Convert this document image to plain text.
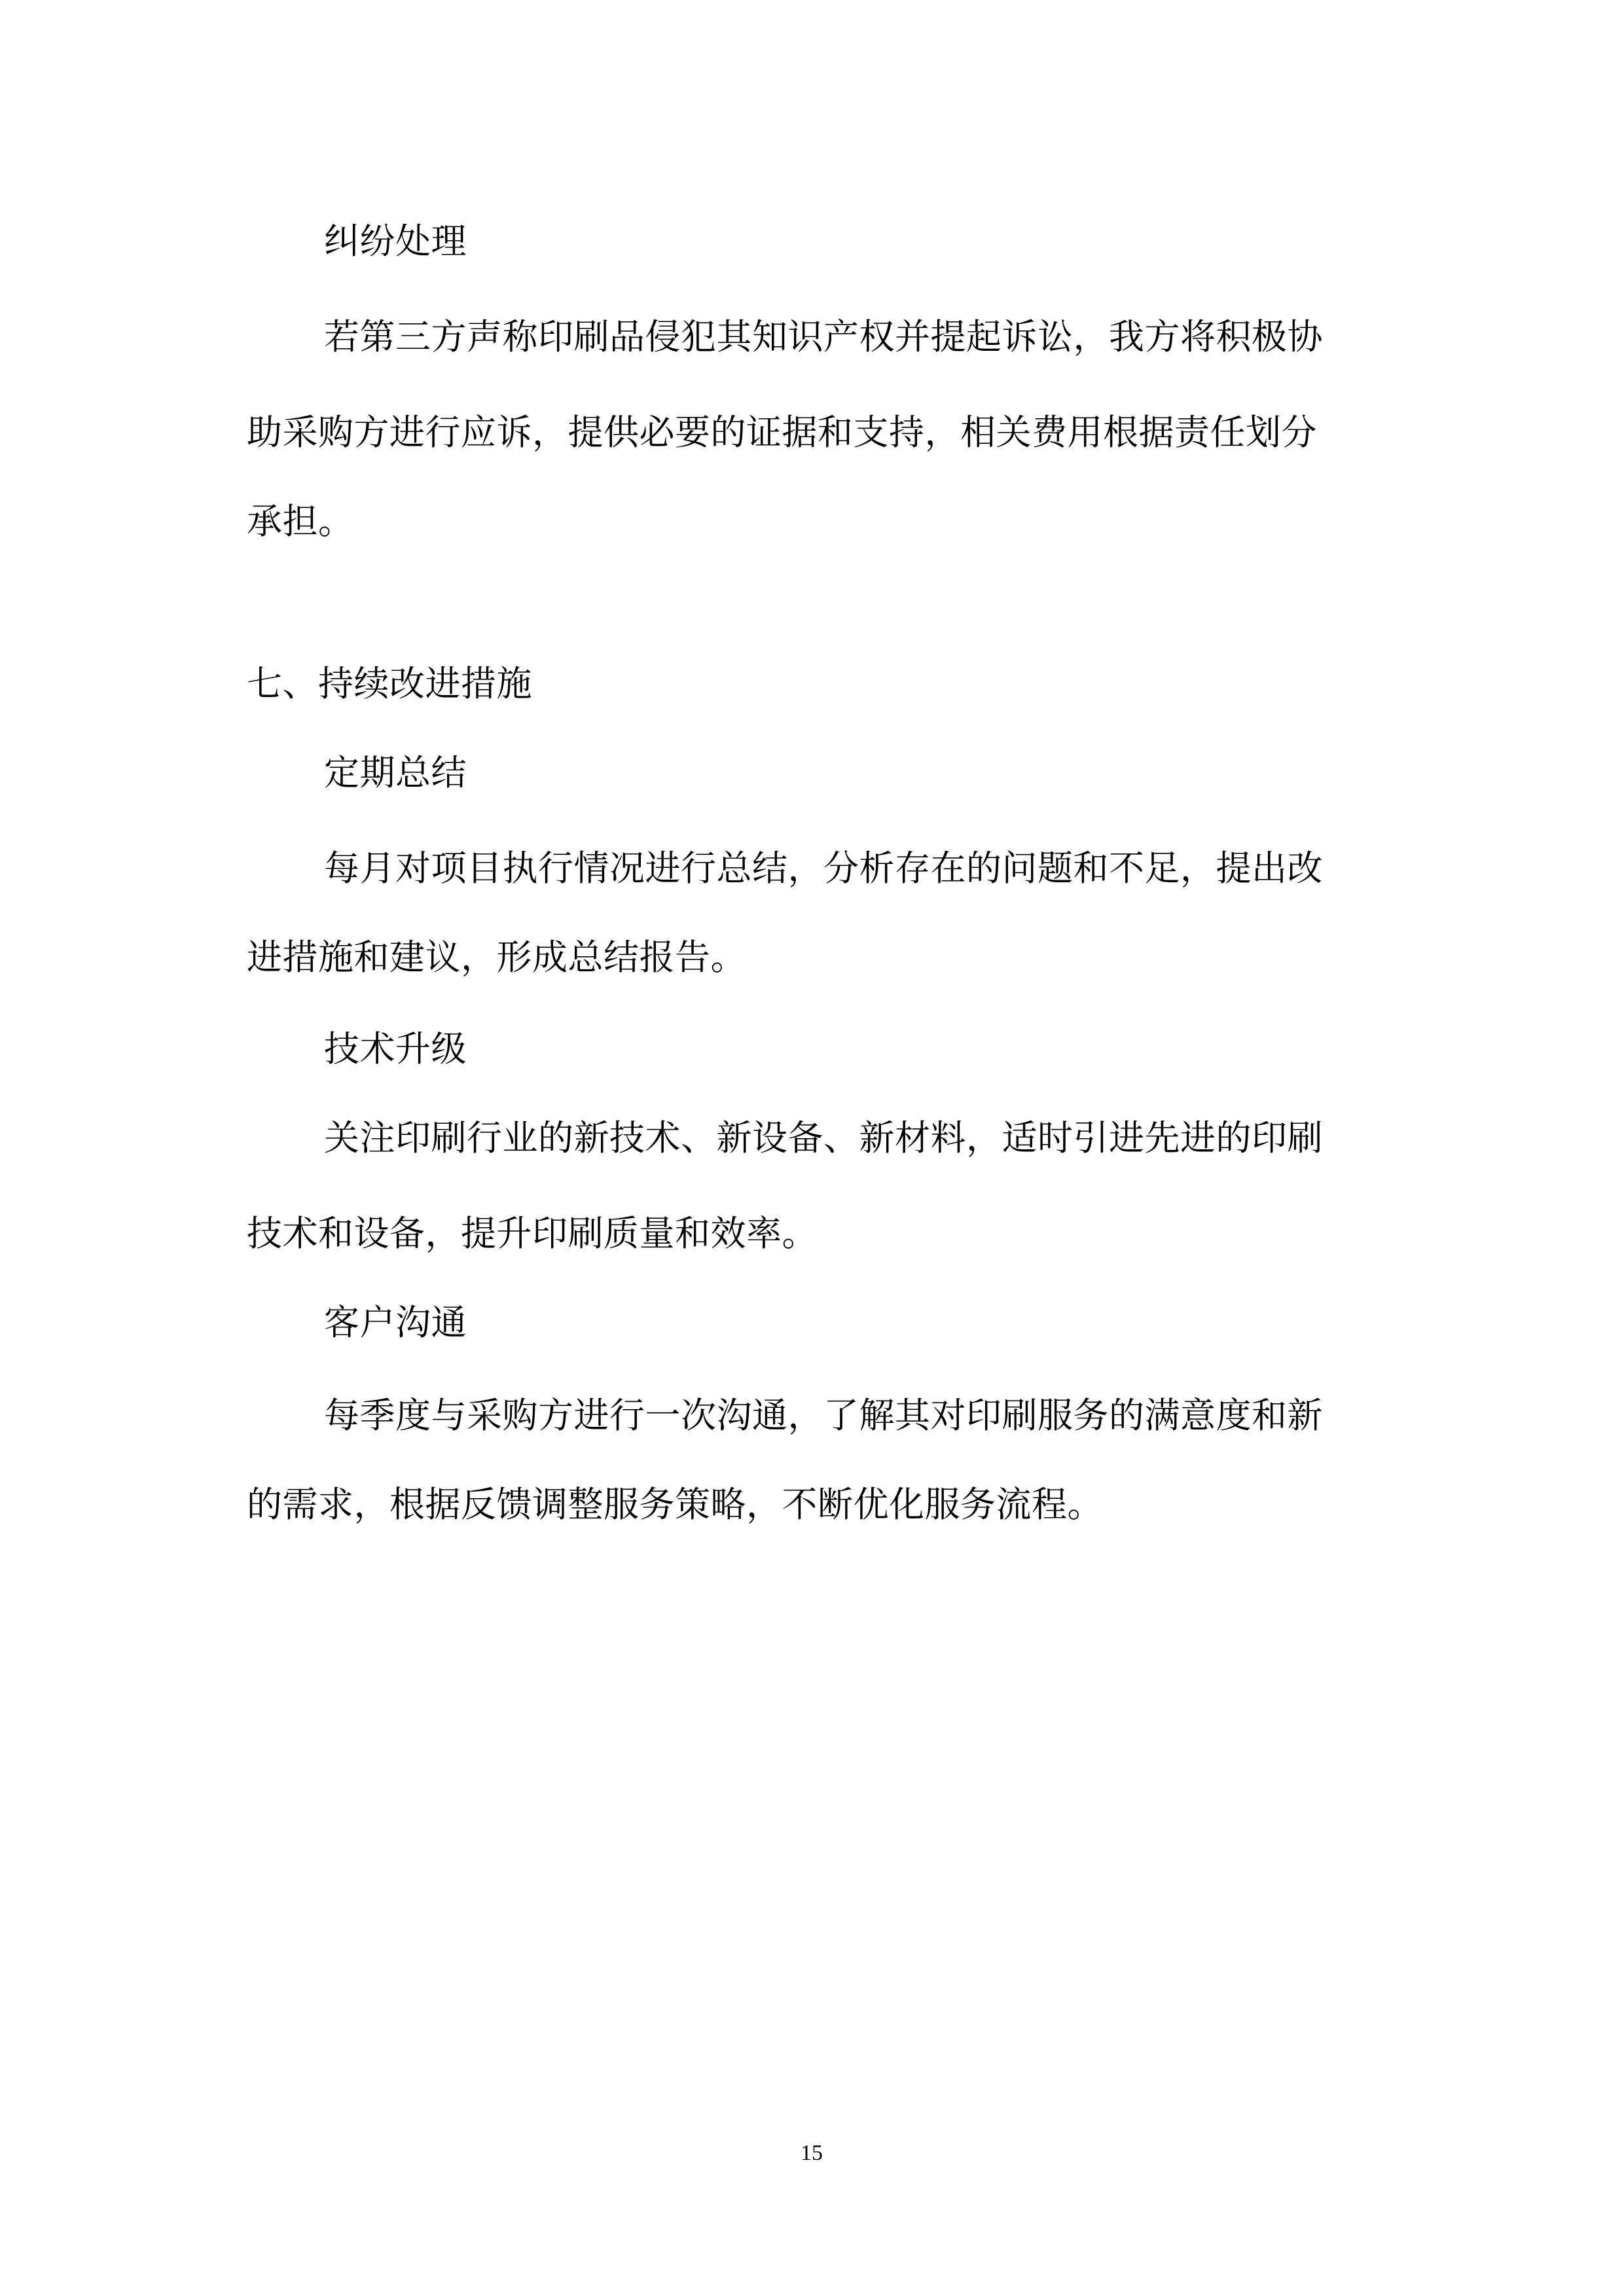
纠纷处理
若第三方声称印刷品侵犯其知识产权并提起诉讼，我方将积极协
助采购方进行应诉，提供必要的证据和支持，相关费用根据责任划分
承担。
七、持续改进措施
定期总结
每月对项目执行情况进行总结，分析存在的问题和不足，提出改
进措施和建议，形成总结报告。
技术升级
关注印刷行业的新技术、新设备、新材料，适时引进先进的印刷
技术和设备，提升印刷质量和效率。
客户沟通
每季度与采购方进行一次沟通，了解其对印刷服务的满意度和新
的需求，根据反馈调整服务策略，不断优化服务流程。
15
